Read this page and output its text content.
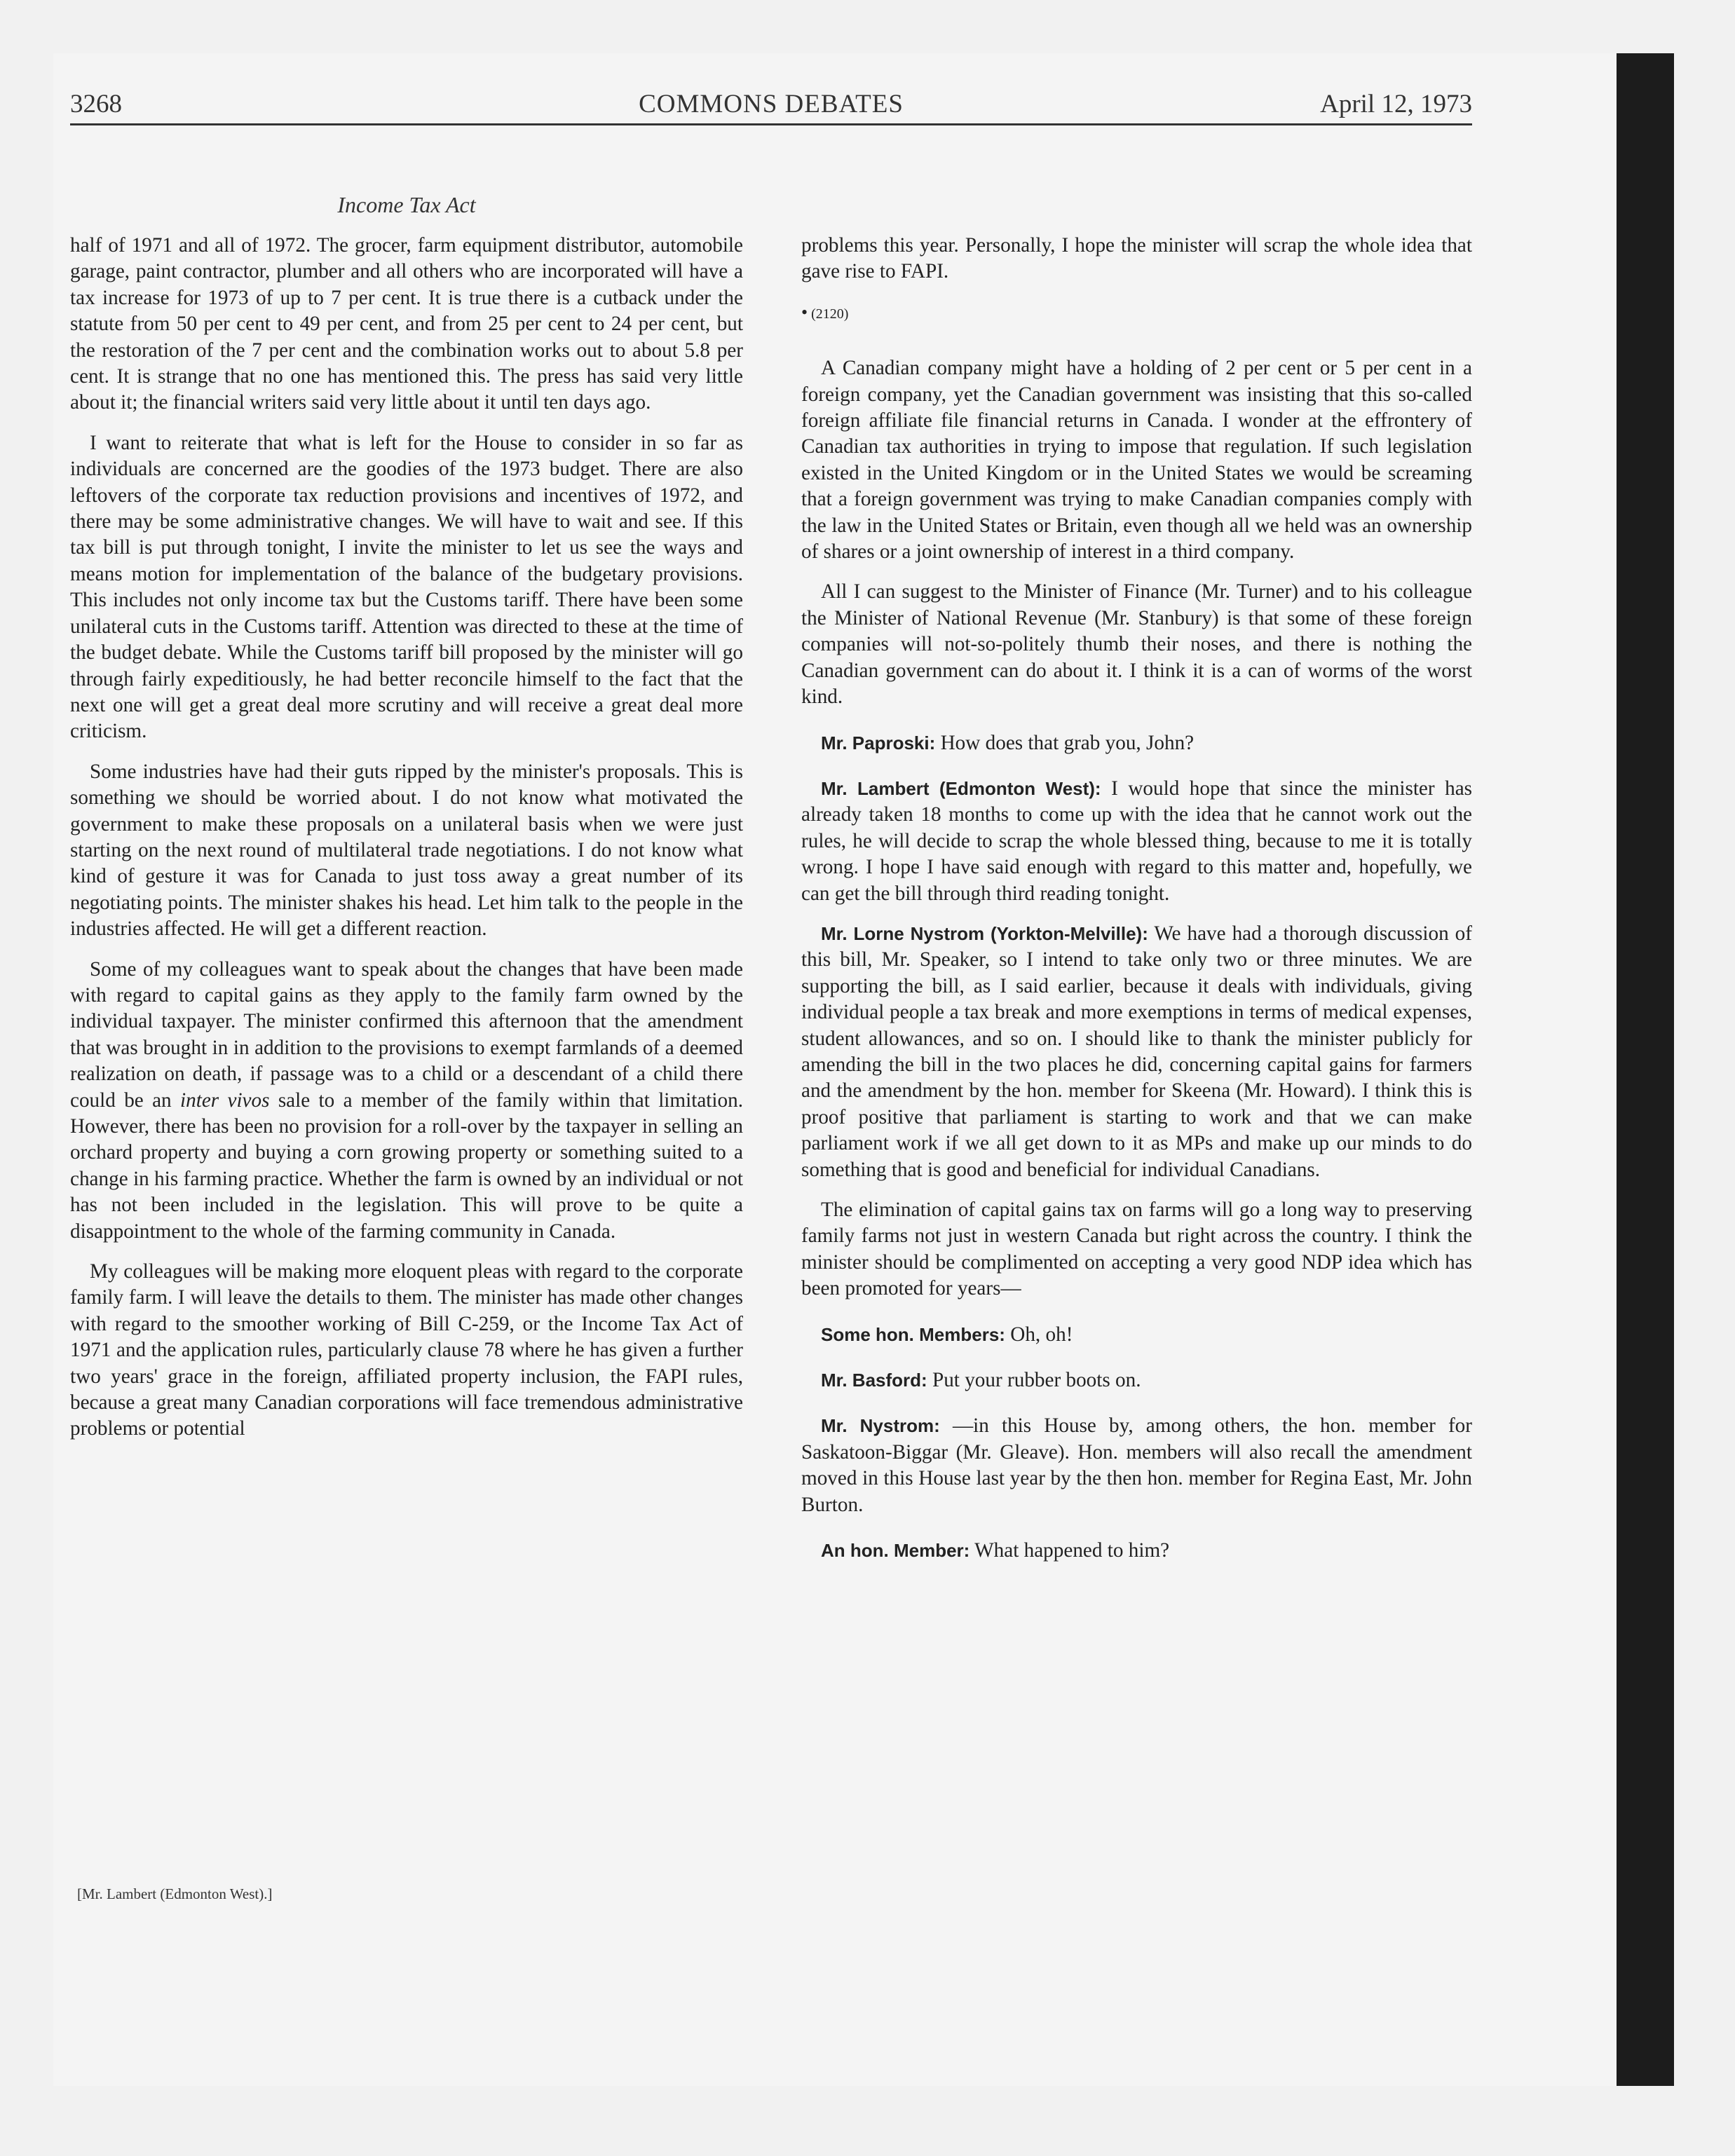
3268	COMMONS DEBATES	April 12, 1973
Income Tax Act

half of 1971 and all of 1972. The grocer, farm equipment distributor, automobile garage, paint contractor, plumber and all others who are incorporated will have a tax increase for 1973 of up to 7 per cent. It is true there is a cutback under the statute from 50 per cent to 49 per cent, and from 25 per cent to 24 per cent, but the restoration of the 7 per cent and the combination works out to about 5.8 per cent. It is strange that no one has mentioned this. The press has said very little about it; the financial writers said very little about it until ten days ago.

I want to reiterate that what is left for the House to consider in so far as individuals are concerned are the goodies of the 1973 budget. There are also leftovers of the corporate tax reduction provisions and incentives of 1972, and there may be some administrative changes. We will have to wait and see. If this tax bill is put through tonight, I invite the minister to let us see the ways and means motion for implementation of the balance of the budgetary provisions. This includes not only income tax but the Customs tariff. There have been some unilateral cuts in the Customs tariff. Attention was directed to these at the time of the budget debate. While the Customs tariff bill proposed by the minister will go through fairly expeditiously, he had better reconcile himself to the fact that the next one will get a great deal more scrutiny and will receive a great deal more criticism.

Some industries have had their guts ripped by the minister's proposals. This is something we should be worried about. I do not know what motivated the government to make these proposals on a unilateral basis when we were just starting on the next round of multilateral trade negotiations. I do not know what kind of gesture it was for Canada to just toss away a great number of its negotiating points. The minister shakes his head. Let him talk to the people in the industries affected. He will get a different reaction.

Some of my colleagues want to speak about the changes that have been made with regard to capital gains as they apply to the family farm owned by the individual taxpayer. The minister confirmed this afternoon that the amendment that was brought in in addition to the provisions to exempt farmlands of a deemed realization on death, if passage was to a child or a descendant of a child there could be an inter vivos sale to a member of the family within that limitation. However, there has been no provision for a roll-over by the taxpayer in selling an orchard property and buying a corn growing property or something suited to a change in his farming practice. Whether the farm is owned by an individual or not has not been included in the legislation. This will prove to be quite a disappointment to the whole of the farming community in Canada.

My colleagues will be making more eloquent pleas with regard to the corporate family farm. I will leave the details to them. The minister has made other changes with regard to the smoother working of Bill C-259, or the Income Tax Act of 1971 and the application rules, particularly clause 78 where he has given a further two years' grace in the foreign, affiliated property inclusion, the FAPI rules, because a great many Canadian corporations will face tremendous administrative problems or potential

[Mr. Lambert (Edmonton West).]

problems this year. Personally, I hope the minister will scrap the whole idea that gave rise to FAPI.

• (2120)

A Canadian company might have a holding of 2 per cent or 5 per cent in a foreign company, yet the Canadian government was insisting that this so-called foreign affiliate file financial returns in Canada. I wonder at the effrontery of Canadian tax authorities in trying to impose that regulation. If such legislation existed in the United Kingdom or in the United States we would be screaming that a foreign government was trying to make Canadian companies comply with the law in the United States or Britain, even though all we held was an ownership of shares or a joint ownership of interest in a third company.

All I can suggest to the Minister of Finance (Mr. Turner) and to his colleague the Minister of National Revenue (Mr. Stanbury) is that some of these foreign companies will not-so-politely thumb their noses, and there is nothing the Canadian government can do about it. I think it is a can of worms of the worst kind.

Mr. Paproski: How does that grab you, John?

Mr. Lambert (Edmonton West): I would hope that since the minister has already taken 18 months to come up with the idea that he cannot work out the rules, he will decide to scrap the whole blessed thing, because to me it is totally wrong. I hope I have said enough with regard to this matter and, hopefully, we can get the bill through third reading tonight.

Mr. Lorne Nystrom (Yorkton-Melville): We have had a thorough discussion of this bill, Mr. Speaker, so I intend to take only two or three minutes. We are supporting the bill, as I said earlier, because it deals with individuals, giving individual people a tax break and more exemptions in terms of medical expenses, student allowances, and so on. I should like to thank the minister publicly for amending the bill in the two places he did, concerning capital gains for farmers and the amendment by the hon. member for Skeena (Mr. Howard). I think this is proof positive that parliament is starting to work and that we can make parliament work if we all get down to it as MPs and make up our minds to do something that is good and beneficial for individual Canadians.

The elimination of capital gains tax on farms will go a long way to preserving family farms not just in western Canada but right across the country. I think the minister should be complimented on accepting a very good NDP idea which has been promoted for years—

Some hon. Members: Oh, oh!

Mr. Basford: Put your rubber boots on.

Mr. Nystrom: —in this House by, among others, the hon. member for Saskatoon-Biggar (Mr. Gleave). Hon. members will also recall the amendment moved in this House last year by the then hon. member for Regina East, Mr. John Burton.

An hon. Member: What happened to him?
